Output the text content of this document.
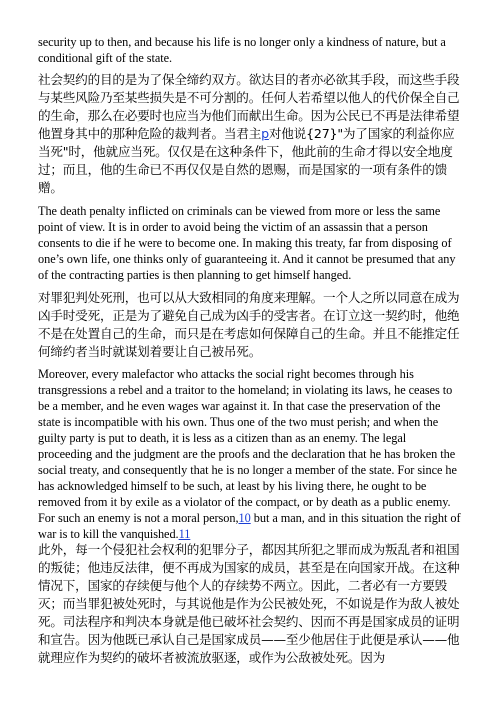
security up to then, and because his life is no longer only a kindness of nature, but a conditional gift of the state.

社会契约的目的是为了保全缔约双方。欲达目的者亦必欲其手段，而这些手段与某些风险乃至某些损失是不可分割的。任何人若希望以他人的代价保全自己的生命，那么在必要时也应当为他们而献出生命。因为公民已不再是法律希望他置身其中的那种危险的裁判者。当君主p对他说{27}"为了国家的利益你应当死"时，他就应当死。仅仅是在这种条件下，他此前的生命才得以安全地度过；而且，他的生命已不再仅仅是自然的恩赐，而是国家的一项有条件的馈赠。

The death penalty inflicted on criminals can be viewed from more or less the same point of view. It is in order to avoid being the victim of an assassin that a person consents to die if he were to become one. In making this treaty, far from disposing of one’s own life, one thinks only of guaranteeing it. And it cannot be presumed that any of the contracting parties is then planning to get himself hanged.

对罪犯判处死刑，也可以从大致相同的角度来理解。一个人之所以同意在成为凶手时受死，正是为了避免自己成为凶手的受害者。在订立这一契约时，他绝不是在处置自己的生命，而只是在考虑如何保障自己的生命。并且不能推定任何缔约者当时就谋划着要让自己被吊死。

Moreover, every malefactor who attacks the social right becomes through his transgressions a rebel and a traitor to the homeland; in violating its laws, he ceases to be a member, and he even wages war against it. In that case the preservation of the state is incompatible with his own. Thus one of the two must perish; and when the guilty party is put to death, it is less as a citizen than as an enemy. The legal proceeding and the judgment are the proofs and the declaration that he has broken the social treaty, and consequently that he is no longer a member of the state. For since he has acknowledged himself to be such, at least by his living there, he ought to be removed from it by exile as a violator of the compact, or by death as a public enemy. For such an enemy is not a moral person,10 but a man, and in this situation the right of war is to kill the vanquished.11

此外，每一个侵犯社会权利的犯罪分子，都因其所犯之罪而成为叛乱者和祖国的叛徒；他违反法律，便不再成为国家的成员，甚至是在向国家开战。在这种情况下，国家的存续便与他个人的存续势不两立。因此，二者必有一方要毁灭；而当罪犯被处死时，与其说他是作为公民被处死，不如说是作为敌人被处死。司法程序和判决本身就是他已破坏社会契约、因而不再是国家成员的证明和宣告。因为他既已承认自己是国家成员——至少他居住于此便是承认——他就理应作为契约的破坏者被流放驱逐，或作为公敌被处死。因为
